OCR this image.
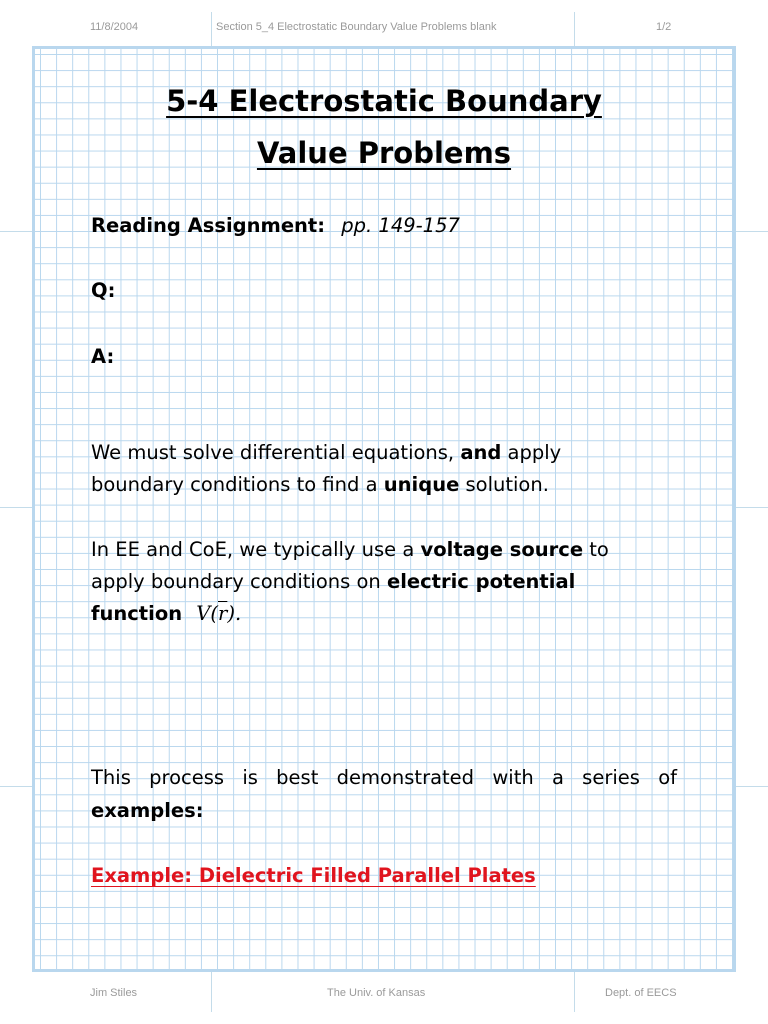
11/8/2004	Section 5_4 Electrostatic Boundary Value Problems blank	1/2
5-4 Electrostatic Boundary
Value Problems
Reading Assignment: pp. 149-157
Q:
A:
We must solve differential equations, and apply
boundary conditions to find a unique solution.
In EE and CoE, we typically use a voltage source to
apply boundary conditions on electric potential
function $V(\overline{r})$.
This process is best demonstrated with a series of
examples:
Example: Dielectric Filled Parallel Plates
Jim Stiles	The Univ. of Kansas	Dept. of EECS
